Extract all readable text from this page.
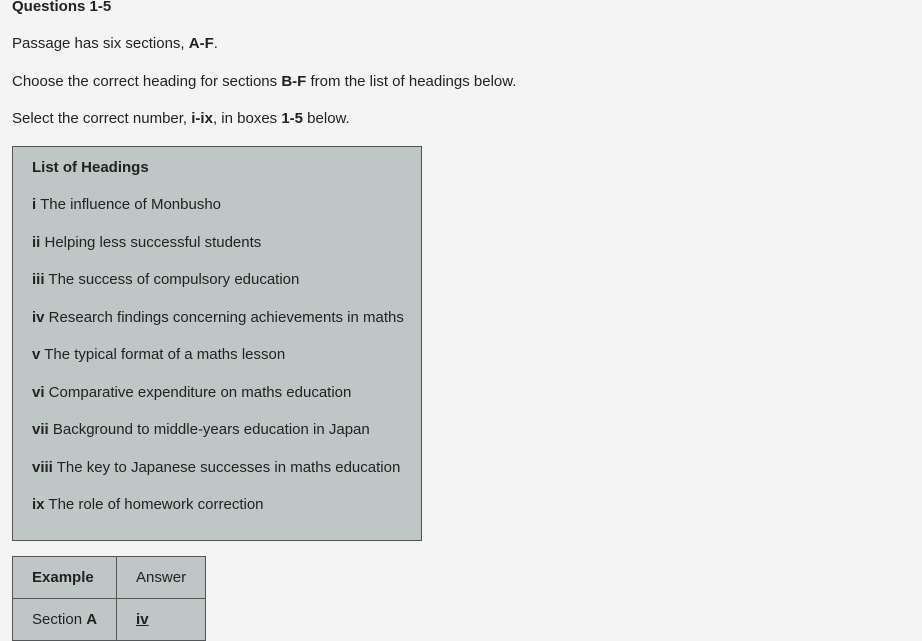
Questions 1-5
Passage has six sections, A-F.
Choose the correct heading for sections B-F from the list of headings below.
Select the correct number, i-ix, in boxes 1-5 below.
List of Headings
i The influence of Monbusho
ii Helping less successful students
iii The success of compulsory education
iv Research findings concerning achievements in maths
v The typical format of a maths lesson
vi Comparative expenditure on maths education
vii Background to middle-years education in Japan
viii The key to Japanese successes in maths education
ix The role of homework correction
Example	Answer
Section A	iv
